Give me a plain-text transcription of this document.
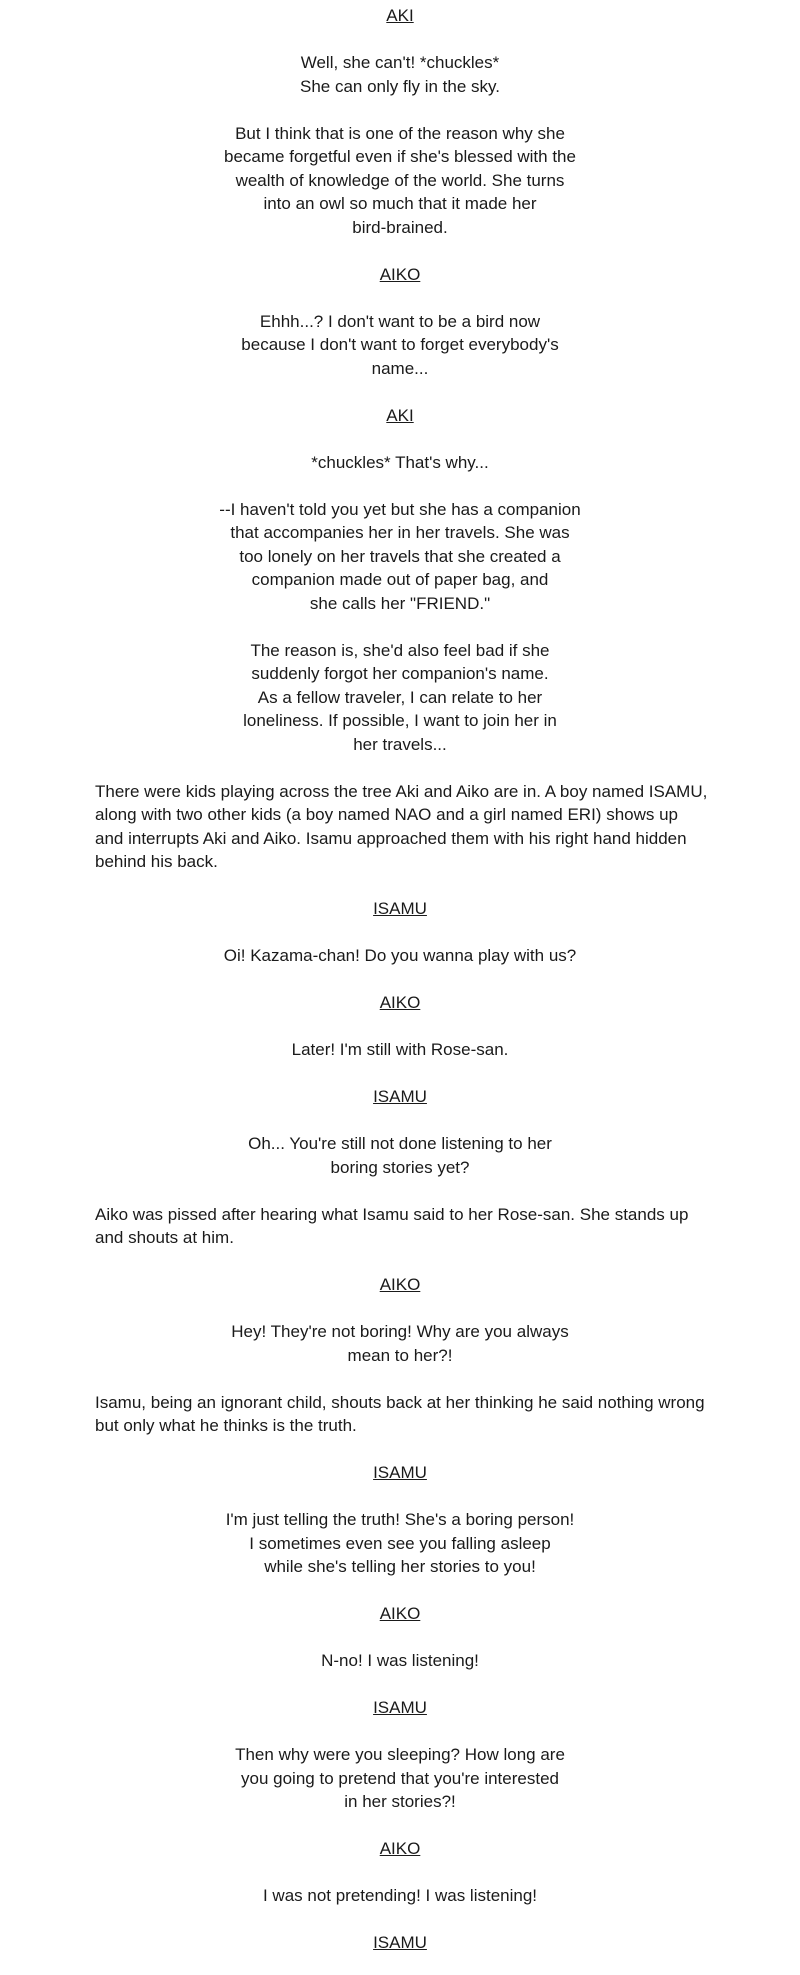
AKI
Well, she can't! *chuckles*
She can only fly in the sky.
But I think that is one of the reason why she
became forgetful even if she's blessed with the
wealth of knowledge of the world. She turns
into an owl so much that it made her
bird-brained.
AIKO
Ehhh...? I don't want to be a bird now
because I don't want to forget everybody's
name...
AKI
*chuckles* That's why...
--I haven't told you yet but she has a companion
that accompanies her in her travels. She was
too lonely on her travels that she created a
companion made out of paper bag, and
she calls her "FRIEND."
The reason is, she'd also feel bad if she
suddenly forgot her companion's name.
As a fellow traveler, I can relate to her
loneliness. If possible, I want to join her in
her travels...
There were kids playing across the tree Aki and Aiko are in. A boy named ISAMU, along with two other kids (a boy named NAO and a girl named ERI) shows up and interrupts Aki and Aiko. Isamu approached them with his right hand hidden behind his back.
ISAMU
Oi! Kazama-chan! Do you wanna play with us?
AIKO
Later! I'm still with Rose-san.
ISAMU
Oh... You're still not done listening to her
boring stories yet?
Aiko was pissed after hearing what Isamu said to her Rose-san. She stands up and shouts at him.
AIKO
Hey! They're not boring! Why are you always
mean to her?!
Isamu, being an ignorant child, shouts back at her thinking he said nothing wrong but only what he thinks is the truth.
ISAMU
I'm just telling the truth! She's a boring person!
I sometimes even see you falling asleep
while she's telling her stories to you!
AIKO
N-no! I was listening!
ISAMU
Then why were you sleeping? How long are
you going to pretend that you're interested
in her stories?!
AIKO
I was not pretending! I was listening!
ISAMU
